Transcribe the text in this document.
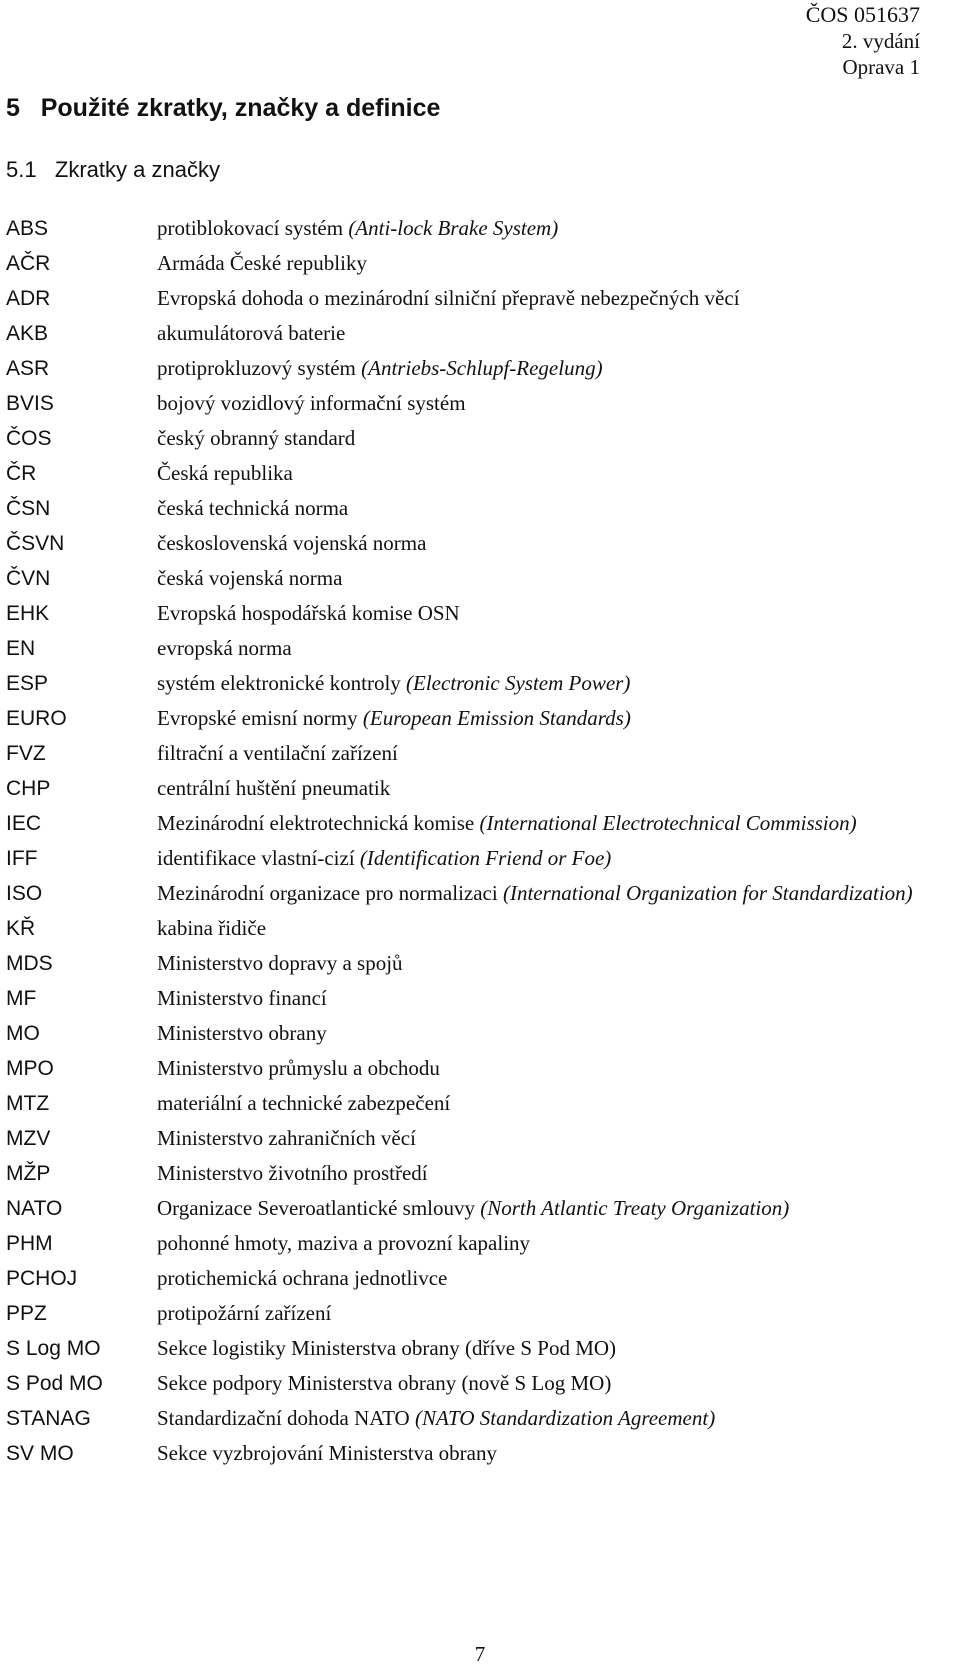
ČOS 051637
2. vydání
Oprava 1
5   Použité zkratky, značky a definice
5.1   Zkratky a značky
ABS	protiblokovací systém (Anti-lock Brake System)
AČR	Armáda České republiky
ADR	Evropská dohoda o mezinárodní silniční přepravě nebezpečných věcí
AKB	akumulátorová baterie
ASR	protiprokluzový systém (Antriebs-Schlupf-Regelung)
BVIS	bojový vozidlový informační systém
ČOS	český obranný standard
ČR	Česká republika
ČSN	česká technická norma
ČSVN	československá vojenská norma
ČVN	česká vojenská norma
EHK	Evropská hospodářská komise OSN
EN	evropská norma
ESP	systém elektronické kontroly (Electronic System Power)
EURO	Evropské emisní normy (European Emission Standards)
FVZ	filtrační a ventilační zařízení
CHP	centrální huštění pneumatik
IEC	Mezinárodní elektrotechnická komise (International Electrotechnical Commission)
IFF	identifikace vlastní-cizí (Identification Friend or Foe)
ISO	Mezinárodní organizace pro normalizaci (International Organization for Standardization)
KŘ	kabina řidiče
MDS	Ministerstvo dopravy a spojů
MF	Ministerstvo financí
MO	Ministerstvo obrany
MPO	Ministerstvo průmyslu a obchodu
MTZ	materiální a technické zabezpečení
MZV	Ministerstvo zahraničních věcí
MŽP	Ministerstvo životního prostředí
NATO	Organizace Severoatlantické smlouvy (North Atlantic Treaty Organization)
PHM	pohonné hmoty, maziva a provozní kapaliny
PCHOJ	protichemická ochrana jednotlivce
PPZ	protipožární zařízení
S Log MO	Sekce logistiky Ministerstva obrany (dříve S Pod MO)
S Pod MO	Sekce podpory Ministerstva obrany (nově S Log MO)
STANAG	Standardizační dohoda NATO (NATO Standardization Agreement)
SV MO	Sekce vyzbrojování Ministerstva obrany
7
